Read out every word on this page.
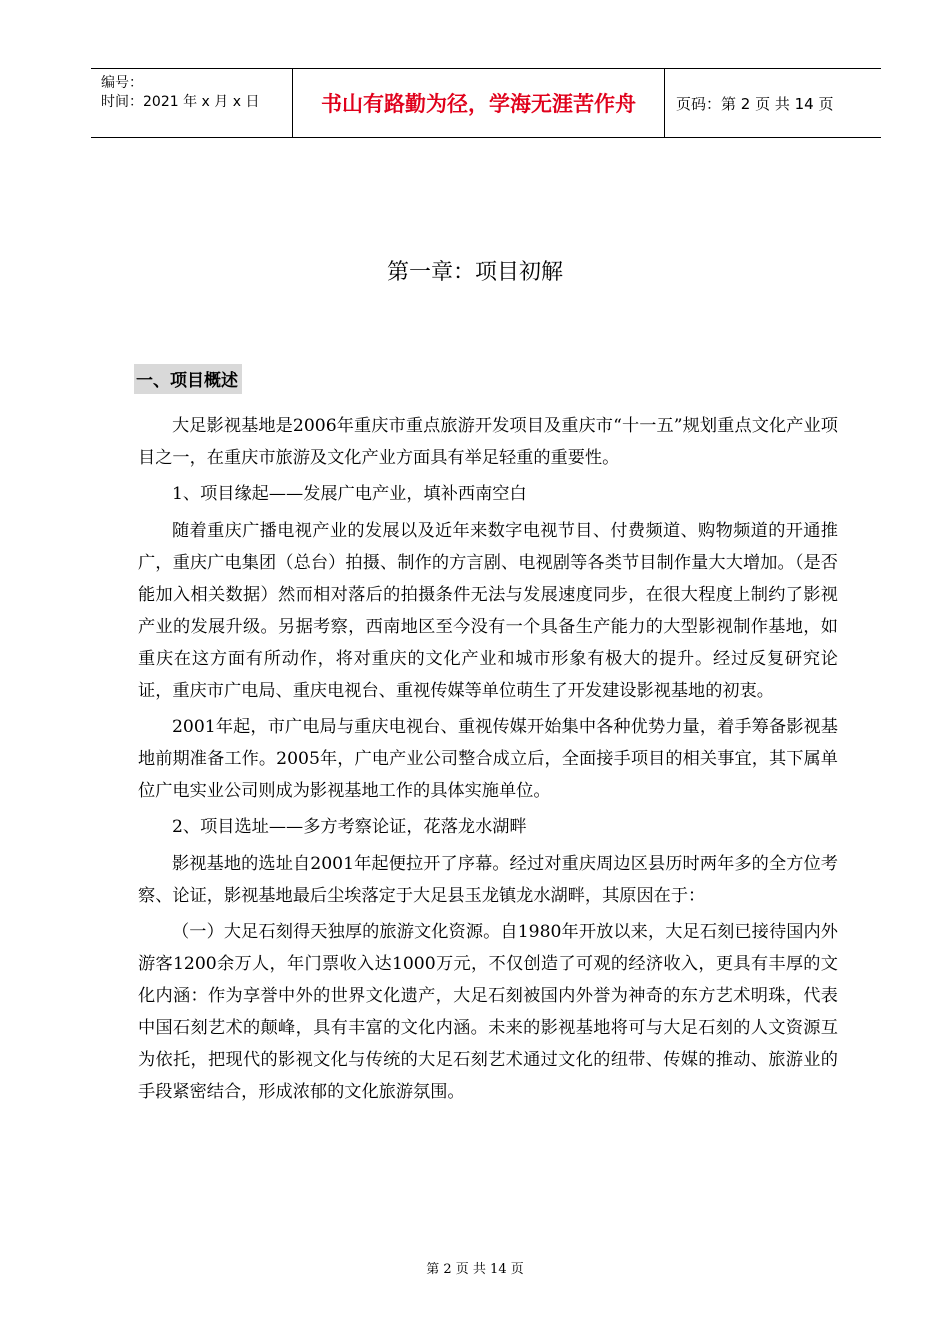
编号：
时间：2021 年 x 月 x 日	书山有路勤为径，学海无涯苦作舟	页码：第 2 页 共 14 页
第一章：项目初解
一、项目概述

大足影视基地是2006年重庆市重点旅游开发项目及重庆市“十一五”规划重点文化产业项目之一，在重庆市旅游及文化产业方面具有举足轻重的重要性。

1、项目缘起——发展广电产业，填补西南空白

随着重庆广播电视产业的发展以及近年来数字电视节目、付费频道、购物频道的开通推广，重庆广电集团（总台）拍摄、制作的方言剧、电视剧等各类节目制作量大大增加。（是否能加入相关数据）然而相对落后的拍摄条件无法与发展速度同步，在很大程度上制约了影视产业的发展升级。另据考察，西南地区至今没有一个具备生产能力的大型影视制作基地，如重庆在这方面有所动作，将对重庆的文化产业和城市形象有极大的提升。经过反复研究论证，重庆市广电局、重庆电视台、重视传媒等单位萌生了开发建设影视基地的初衷。

2001年起，市广电局与重庆电视台、重视传媒开始集中各种优势力量，着手筹备影视基地前期准备工作。2005年，广电产业公司整合成立后，全面接手项目的相关事宜，其下属单位广电实业公司则成为影视基地工作的具体实施单位。

2、项目选址——多方考察论证，花落龙水湖畔

影视基地的选址自2001年起便拉开了序幕。经过对重庆周边区县历时两年多的全方位考察、论证，影视基地最后尘埃落定于大足县玉龙镇龙水湖畔，其原因在于：

（一）大足石刻得天独厚的旅游文化资源。自1980年开放以来，大足石刻已接待国内外游客1200余万人，年门票收入达1000万元，不仅创造了可观的经济收入，更具有丰厚的文化内涵：作为享誉中外的世界文化遗产，大足石刻被国内外誉为神奇的东方艺术明珠，代表中国石刻艺术的颠峰，具有丰富的文化内涵。未来的影视基地将可与大足石刻的人文资源互为依托，把现代的影视文化与传统的大足石刻艺术通过文化的纽带、传媒的推动、旅游业的手段紧密结合，形成浓郁的文化旅游氛围。

第 2 页 共 14 页
